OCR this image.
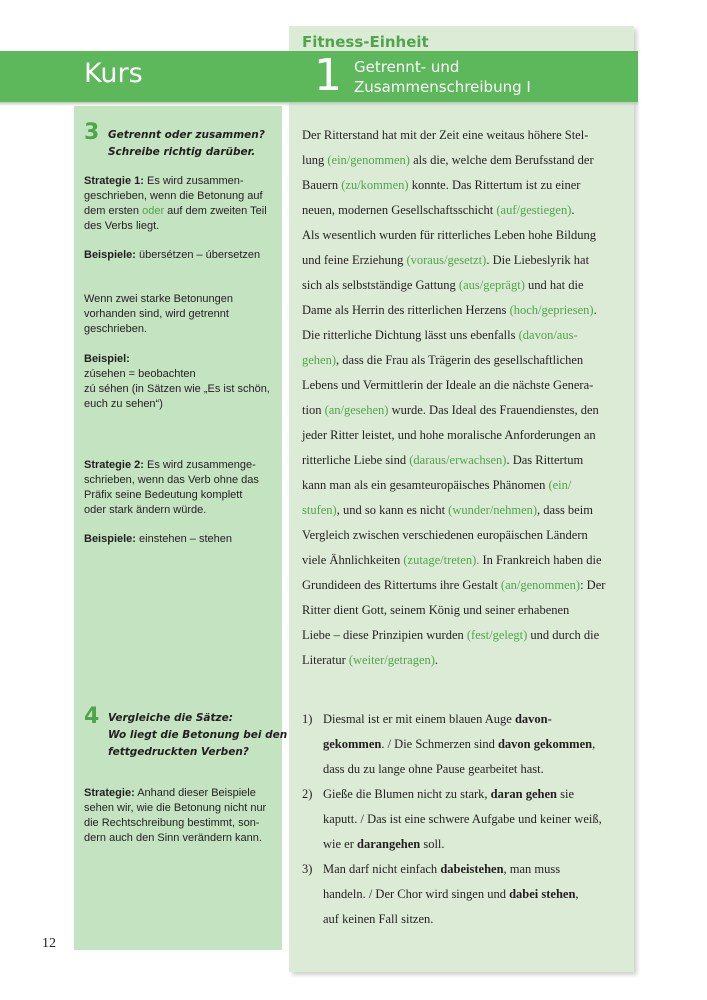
Kurs
Fitness-Einheit
1 Getrennt- und
Zusammenschreibung I
3 Getrennt oder zusammen?
Schreibe richtig darüber.
Strategie 1: Es wird zusammen-
geschrieben, wenn die Betonung auf
dem ersten oder auf dem zweiten Teil
des Verbs liegt.
Beispiele: übersétzen – úbersetzen
Wenn zwei starke Betonungen
vorhanden sind, wird getrennt
geschrieben.
Beispiel:
zúsehen = beobachten
zú séhen (in Sätzen wie „Es ist schön,
euch zu sehen“)
Strategie 2: Es wird zusammenge-
schrieben, wenn das Verb ohne das
Präfix seine Bedeutung komplett
oder stark ändern würde.
Beispiele: einstehen – stehen
4 Vergleiche die Sätze:
Wo liegt die Betonung bei den
fettgedruckten Verben?
Strategie: Anhand dieser Beispiele
sehen wir, wie die Betonung nicht nur
die Rechtschreibung bestimmt, son-
dern auch den Sinn verändern kann.
Der Ritterstand hat mit der Zeit eine weitaus höhere Stel-
lung (ein/genommen) als die, welche dem Berufsstand der
Bauern (zu/kommen) konnte. Das Rittertum ist zu einer
neuen, modernen Gesellschaftsschicht (auf/gestiegen).
Als wesentlich wurden für ritterliches Leben hohe Bildung
und feine Erziehung (voraus/gesetzt). Die Liebeslyrik hat
sich als selbstständige Gattung (aus/geprägt) und hat die
Dame als Herrin des ritterlichen Herzens (hoch/gepriesen).
Die ritterliche Dichtung lässt uns ebenfalls (davon/aus-
gehen), dass die Frau als Trägerin des gesellschaftlichen
Lebens und Vermittlerin der Ideale an die nächste Genera-
tion (an/gesehen) wurde. Das Ideal des Frauendienstes, den
jeder Ritter leistet, und hohe moralische Anforderungen an
ritterliche Liebe sind (daraus/erwachsen). Das Rittertum
kann man als ein gesamteuropäisches Phänomen (ein/
stufen), und so kann es nicht (wunder/nehmen), dass beim
Vergleich zwischen verschiedenen europäischen Ländern
viele Ähnlichkeiten (zutage/treten). In Frankreich haben die
Grundideen des Rittertums ihre Gestalt (an/genommen): Der
Ritter dient Gott, seinem König und seiner erhabenen
Liebe – diese Prinzipien wurden (fest/gelegt) und durch die
Literatur (weiter/getragen).
1) Diesmal ist er mit einem blauen Auge davon-
gekommen. / Die Schmerzen sind davon gekommen,
dass du zu lange ohne Pause gearbeitet hast.
2) Gieße die Blumen nicht zu stark, daran gehen sie
kaputt. / Das ist eine schwere Aufgabe und keiner weiß,
wie er darangehen soll.
3) Man darf nicht einfach dabeistehen, man muss
handeln. / Der Chor wird singen und dabei stehen,
auf keinen Fall sitzen.
12
